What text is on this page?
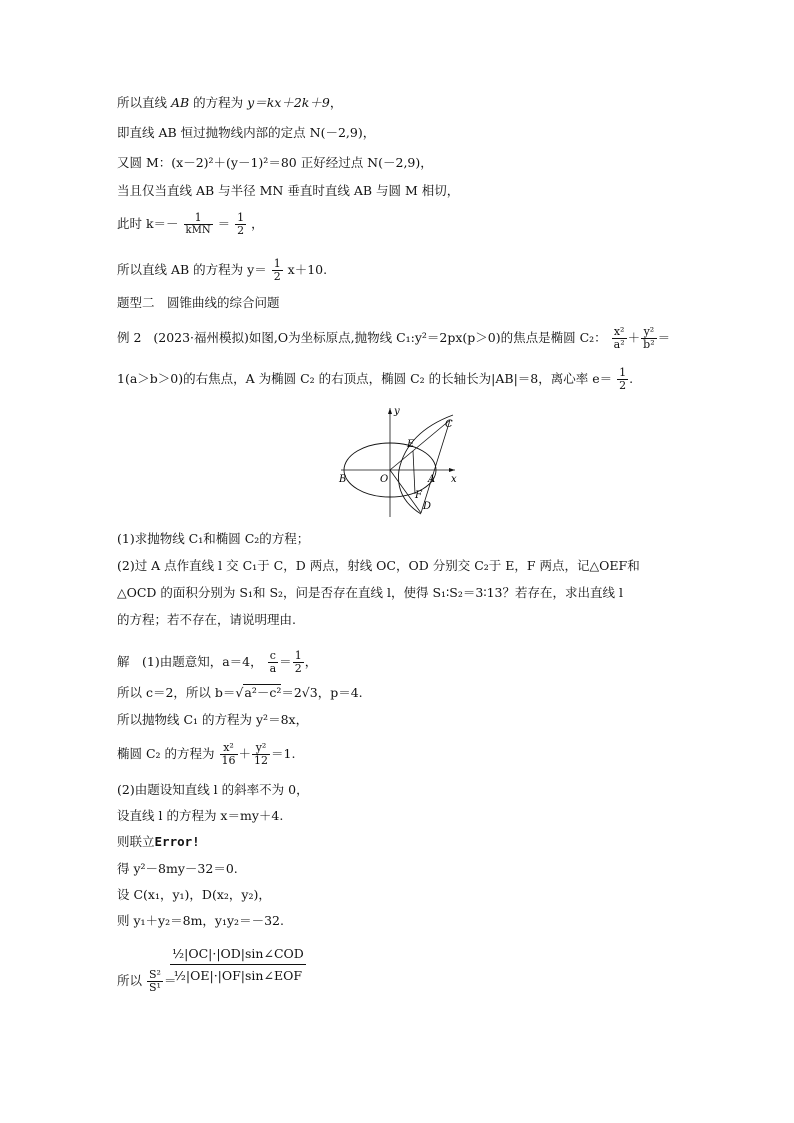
所以直线 AB 的方程为 y＝kx＋2k＋9，
即直线 AB 恒过抛物线内部的定点 N(－2,9)，
又圆 M：(x－2)²＋(y－1)²＝80 正好经过点 N(－2,9)，
当且仅当直线 AB 与半径 MN 垂直时直线 AB 与圆 M 相切，
此时 $k=- \frac{1}{\text{kMN}} = \frac{1}{2}$ ，
所以直线 AB 的方程为 $y= \frac{1}{2} x+10$.
题型二　圆锥曲线的综合问题
例 2 (2023·福州模拟)如图,O为坐标原点,抛物线 C₁:y²＝2px(p＞0)的焦点是椭圆 C₂： $\frac{\text{x²}}{\text{a²}} + \frac{\text{y²}}{\text{b²}}$ ＝
1(a＞b＞0)的右焦点，A 为椭圆 C₂ 的右顶点，椭圆 C₂ 的长轴长为|AB|＝8，离心率 $e= \frac{1}{2}$ .
y
x
O	A
B
C
D
E
F
(1)求抛物线 C₁和椭圆 C₂的方程；
(2)过 A 点作直线 l 交 C₁于 C，D 两点，射线 OC，OD 分别交 C₂于 E，F 两点，记△OEF和
△OCD 的面积分别为 S₁和 S₂，问是否存在直线 l，使得 S₁∶S₂＝3∶13？若存在，求出直线 l
的方程；若不存在，请说明理由.
解　(1)由题意知，a＝4， $\frac{c}{a} = \frac{1}{2}$ ，
所以 c＝2，所以 b＝√a²－c²＝2√3，p＝4.
所以抛物线 C₁ 的方程为 y²＝8x，
椭圆 C₂ 的方程为 $\frac{\text{x²}}{16} + \frac{\text{y²}}{12} =1$.
(2)由题设知直线 l 的斜率不为 0，
设直线 l 的方程为 x＝my＋4.
则联立Error!
得 y²－8my－32＝0.
设 C(x₁，y₁)，D(x₂，y₂)，
则 y₁＋y₂＝8m，y₁y₂＝－32.
所以 $\frac{\text{S²}}{\text{S¹}}$ ＝
½|OC|·|OD|sin∠COD
½|OE|·|OF|sin∠EOF
